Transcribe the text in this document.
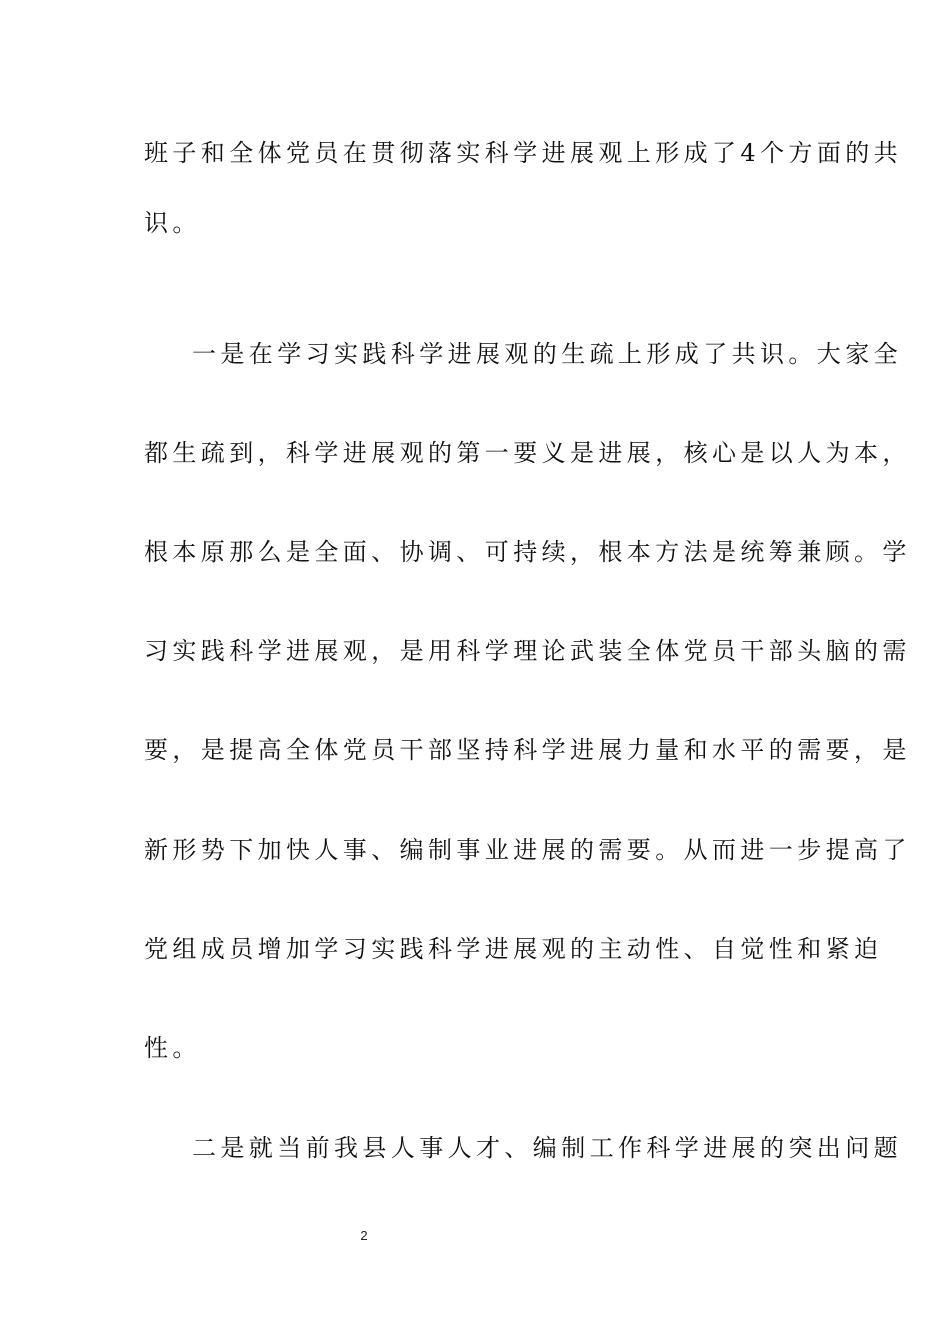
班子和全体党员在贯彻落实科学进展观上形成了4个方面的共
识。
一是在学习实践科学进展观的生疏上形成了共识。大家全
都生疏到，科学进展观的第一要义是进展，核心是以人为本，
根本原那么是全面、协调、可持续，根本方法是统筹兼顾。学
习实践科学进展观，是用科学理论武装全体党员干部头脑的需
要，是提高全体党员干部坚持科学进展力量和水平的需要，是
新形势下加快人事、编制事业进展的需要。从而进一步提高了
党组成员增加学习实践科学进展观的主动性、自觉性和紧迫
性。
二是就当前我县人事人才、编制工作科学进展的突出问题
2
